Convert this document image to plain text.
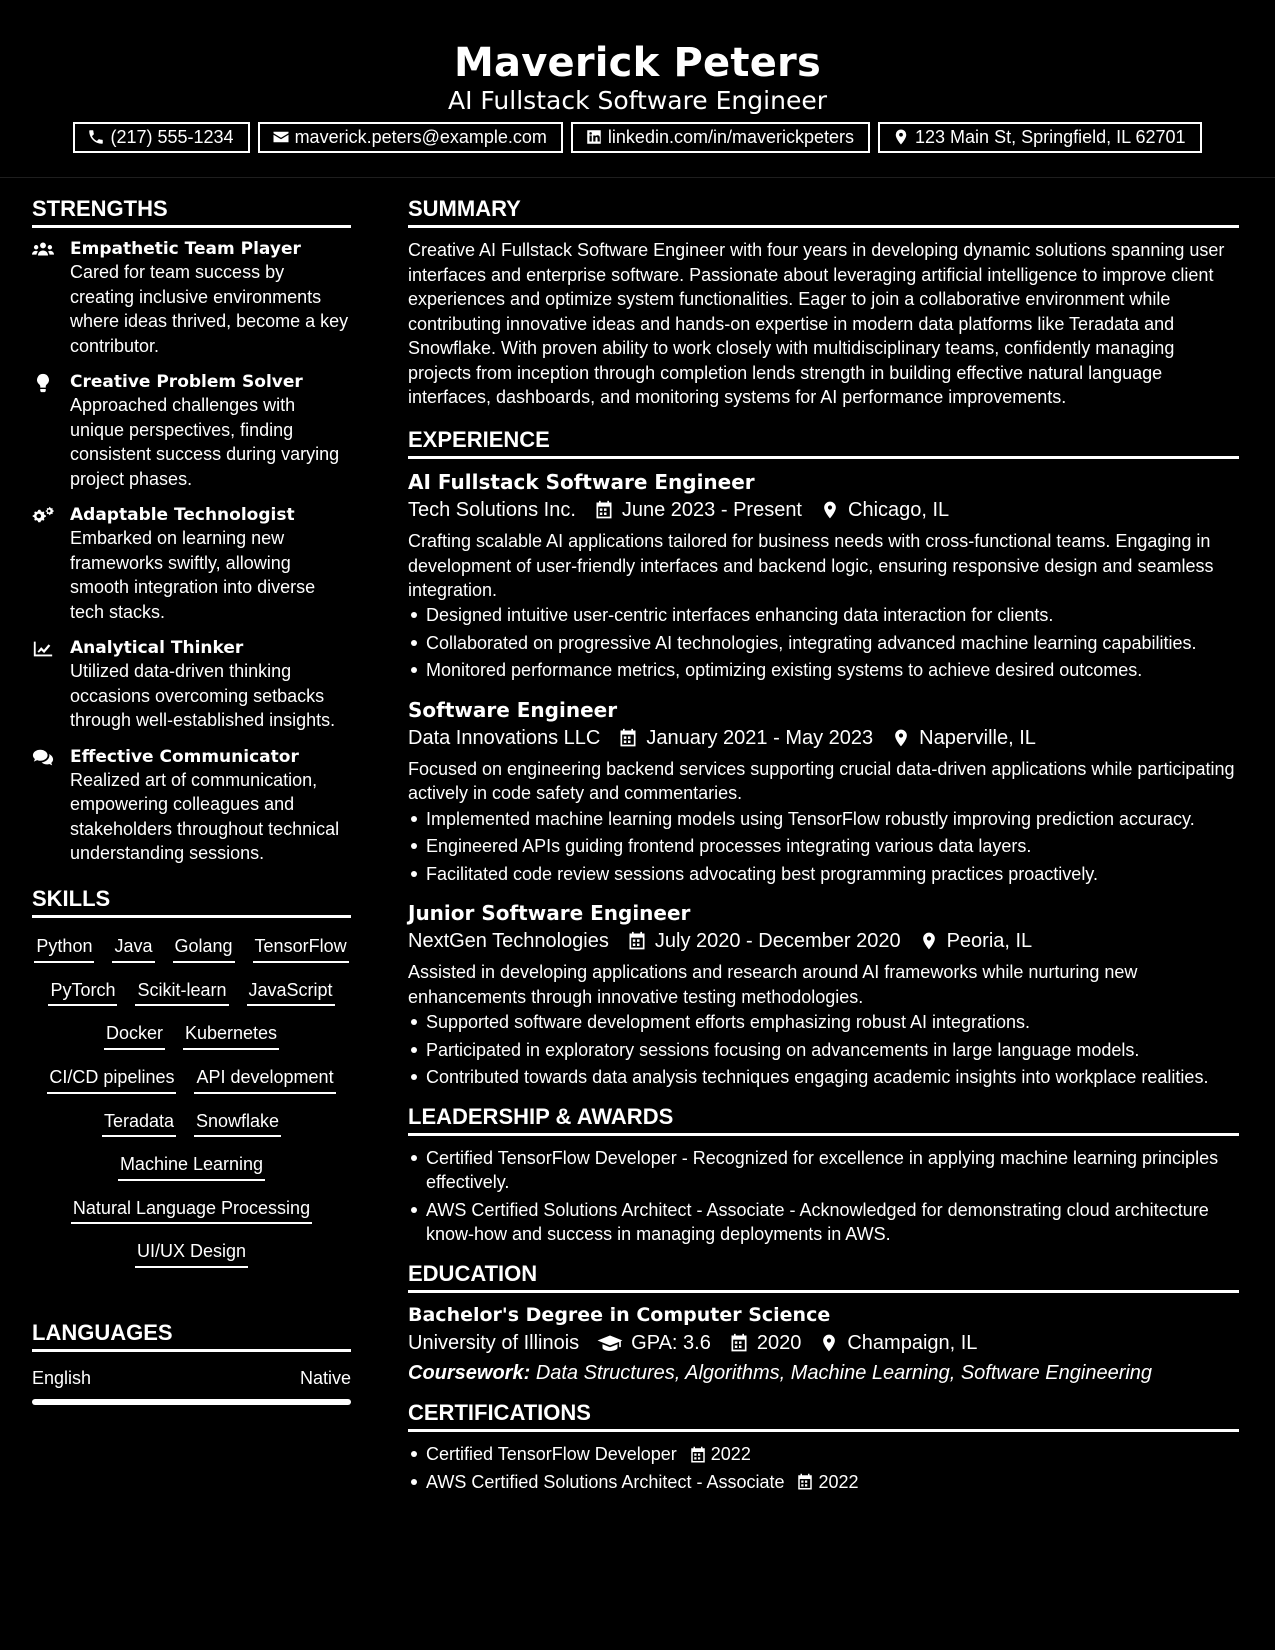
Maverick Peters
AI Fullstack Software Engineer
(217) 555-1234	maverick.peters@example.com	linkedin.com/in/maverickpeters	123 Main St, Springfield, IL 62701
STRENGTHS
Empathetic Team Player
Cared for team success by creating inclusive environments where ideas thrived, become a key contributor.
Creative Problem Solver
Approached challenges with unique perspectives, finding consistent success during varying project phases.
Adaptable Technologist
Embarked on learning new frameworks swiftly, allowing smooth integration into diverse tech stacks.
Analytical Thinker
Utilized data-driven thinking occasions overcoming setbacks through well-established insights.
Effective Communicator
Realized art of communication, empowering colleagues and stakeholders throughout technical understanding sessions.
SKILLS
Python Java Golang TensorFlow
PyTorch Scikit-learn JavaScript
Docker Kubernetes
CI/CD pipelines API development
Teradata Snowflake
Machine Learning
Natural Language Processing
UI/UX Design
LANGUAGES
English	Native
SUMMARY
Creative AI Fullstack Software Engineer with four years in developing dynamic solutions spanning user interfaces and enterprise software. Passionate about leveraging artificial intelligence to improve client experiences and optimize system functionalities. Eager to join a collaborative environment while contributing innovative ideas and hands-on expertise in modern data platforms like Teradata and Snowflake. With proven ability to work closely with multidisciplinary teams, confidently managing projects from inception through completion lends strength in building effective natural language interfaces, dashboards, and monitoring systems for AI performance improvements.
EXPERIENCE
AI Fullstack Software Engineer
Tech Solutions Inc. June 2023 - Present Chicago, IL
Crafting scalable AI applications tailored for business needs with cross-functional teams. Engaging in development of user-friendly interfaces and backend logic, ensuring responsive design and seamless integration.
Designed intuitive user-centric interfaces enhancing data interaction for clients.
Collaborated on progressive AI technologies, integrating advanced machine learning capabilities.
Monitored performance metrics, optimizing existing systems to achieve desired outcomes.
Software Engineer
Data Innovations LLC January 2021 - May 2023 Naperville, IL
Focused on engineering backend services supporting crucial data-driven applications while participating actively in code safety and commentaries.
Implemented machine learning models using TensorFlow robustly improving prediction accuracy.
Engineered APIs guiding frontend processes integrating various data layers.
Facilitated code review sessions advocating best programming practices proactively.
Junior Software Engineer
NextGen Technologies July 2020 - December 2020 Peoria, IL
Assisted in developing applications and research around AI frameworks while nurturing new enhancements through innovative testing methodologies.
Supported software development efforts emphasizing robust AI integrations.
Participated in exploratory sessions focusing on advancements in large language models.
Contributed towards data analysis techniques engaging academic insights into workplace realities.
LEADERSHIP & AWARDS
Certified TensorFlow Developer - Recognized for excellence in applying machine learning principles effectively.
AWS Certified Solutions Architect - Associate - Acknowledged for demonstrating cloud architecture know-how and success in managing deployments in AWS.
EDUCATION
Bachelor's Degree in Computer Science
University of Illinois	GPA: 3.6 2020 Champaign, IL
Coursework: Data Structures, Algorithms, Machine Learning, Software Engineering
CERTIFICATIONS
Certified TensorFlow Developer 2022
AWS Certified Solutions Architect - Associate 2022
